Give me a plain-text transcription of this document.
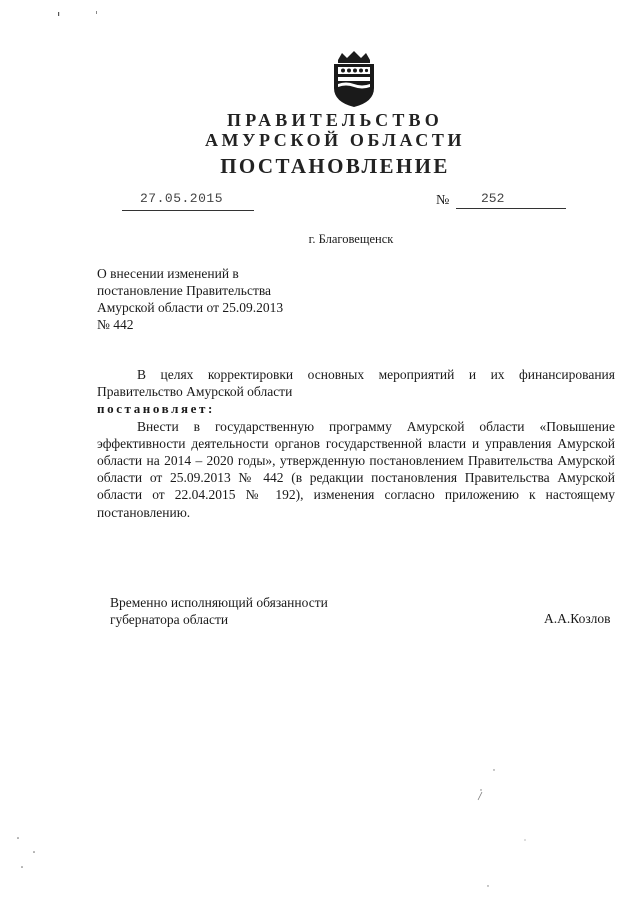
ПРАВИТЕЛЬСТВО
АМУРСКОЙ ОБЛАСТИ
ПОСТАНОВЛЕНИЕ
27.05.2015	№ 252
г. Благовещенск
О внесении изменений в
постановление Правительства
Амурской области от 25.09.2013
№ 442
В целях корректировки основных мероприятий и их финансирования Правительство Амурской области
постановляет:
Внести в государственную программу Амурской области «Повышение эффективности деятельности органов государственной власти и управления Амурской области на 2014 – 2020 годы», утвержденную постановлением Правительства Амурской области от 25.09.2013 № 442 (в редакции постановления Правительства Амурской области от 22.04.2015 № 192), изменения согласно приложению к настоящему постановлению.
Временно исполняющий обязанности
губернатора области	А.А.Козлов
